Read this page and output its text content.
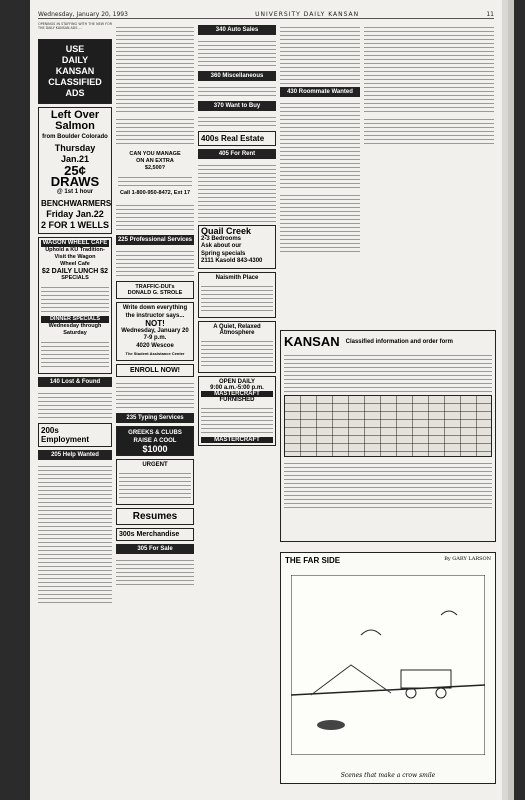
Wednesday, January 20, 1993	UNIVERSITY DAILY KANSAN	11
OPENINGS IN STAFFING WITH THE NEW FOR THE DAILY KANSAN ADS ...
USE
DAILY
KANSAN
CLASSIFIED
ADS
Left Over Salmon
from Boulder Colorado
Thursday Jan.21
25¢ DRAWS
@ 1st 1 hour
BENCHWARMERS
Friday Jan.22
2 FOR 1 WELLS
WAGON WHEEL CAFE
Uphold a KU Tradition-
Visit the Wagon
Wheel Cafe
$2 DAILY LUNCH $2
SPECIALS
DINNER SPECIALS
Wednesday through
Saturday
140 Lost & Found
200s Employment
205 Help Wanted
CAN YOU MANAGE
ON AN EXTRA
$2,500?
Call 1-800-950-8472, Ext 17
225 Professional Services
TRAFFIC-DUI's
DONALD G. STROLE
Write down everything
the instructor says...
NOT!
Wednesday, January 20
7-9 p.m.
4020 Wescoe
The Student Assistance Center
ENROLL NOW!
235 Typing Services
GREEKS & CLUBS
RAISE A COOL
$1000
URGENT
Resumes
300s Merchandise
305 For Sale
340 Auto Sales
360 Miscellaneous
370 Want to Buy
400s Real Estate
405 For Rent
Quail Creek
2-3 Bedrooms
Ask about our
Spring specials
2111 Kasold 843-4300
Naismith Place
A Quiet, Relaxed Atmosphere
OPEN DAILY
9:00 a.m.-5:00 p.m.
MASTERCRAFT
FURNISHED
MASTERCRAFT
430 Roommate Wanted
KANSAN Classified information and order form
THE FAR SIDE	By GARY LARSON
Scenes that make a crow smile
